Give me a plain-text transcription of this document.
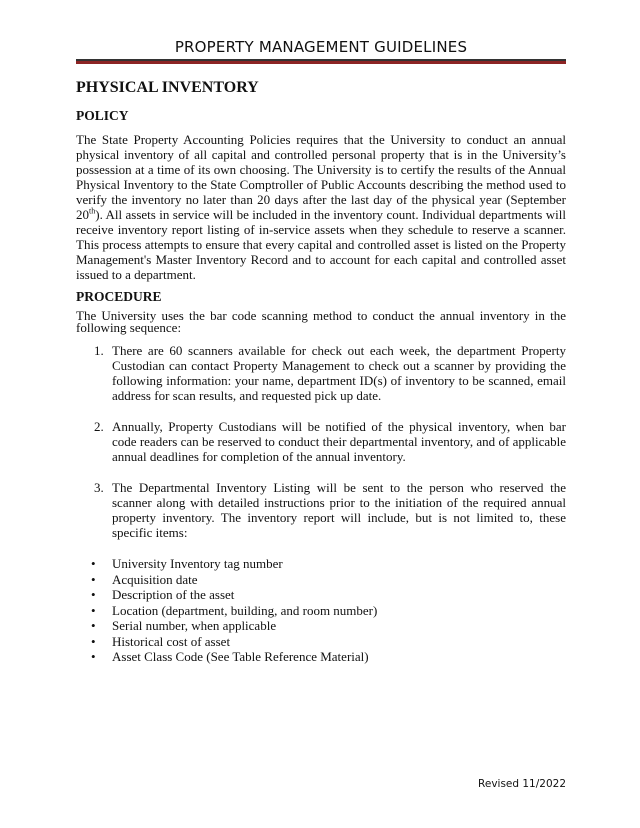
PROPERTY MANAGEMENT GUIDELINES
PHYSICAL INVENTORY
POLICY

The State Property Accounting Policies requires that the University to conduct an annual physical inventory of all capital and controlled personal property that is in the University’s possession at a time of its own choosing. The University is to certify the results of the Annual Physical Inventory to the State Comptroller of Public Accounts describing the method used to verify the inventory no later than 20 days after the last day of the physical year (September 20th). All assets in service will be included in the inventory count. Individual departments will receive inventory report listing of in-service assets when they schedule to reserve a scanner. This process attempts to ensure that every capital and controlled asset is listed on the Property Management's Master Inventory Record and to account for each capital and controlled asset issued to a department.

PROCEDURE

The University uses the bar code scanning method to conduct the annual inventory in the following sequence:

1. There are 60 scanners available for check out each week, the department Property Custodian can contact Property Management to check out a scanner by providing the following information: your name, department ID(s) of inventory to be scanned, email address for scan results, and requested pick up date.
2. Annually, Property Custodians will be notified of the physical inventory, when bar code readers can be reserved to conduct their departmental inventory, and of applicable annual deadlines for completion of the annual inventory.
3. The Departmental Inventory Listing will be sent to the person who reserved the scanner along with detailed instructions prior to the initiation of the required annual property inventory. The inventory report will include, but is not limited to, these specific items:
• University Inventory tag number
• Acquisition date
• Description of the asset
• Location (department, building, and room number)
• Serial number, when applicable
• Historical cost of asset
• Asset Class Code (See Table Reference Material)
Revised 11/2022
